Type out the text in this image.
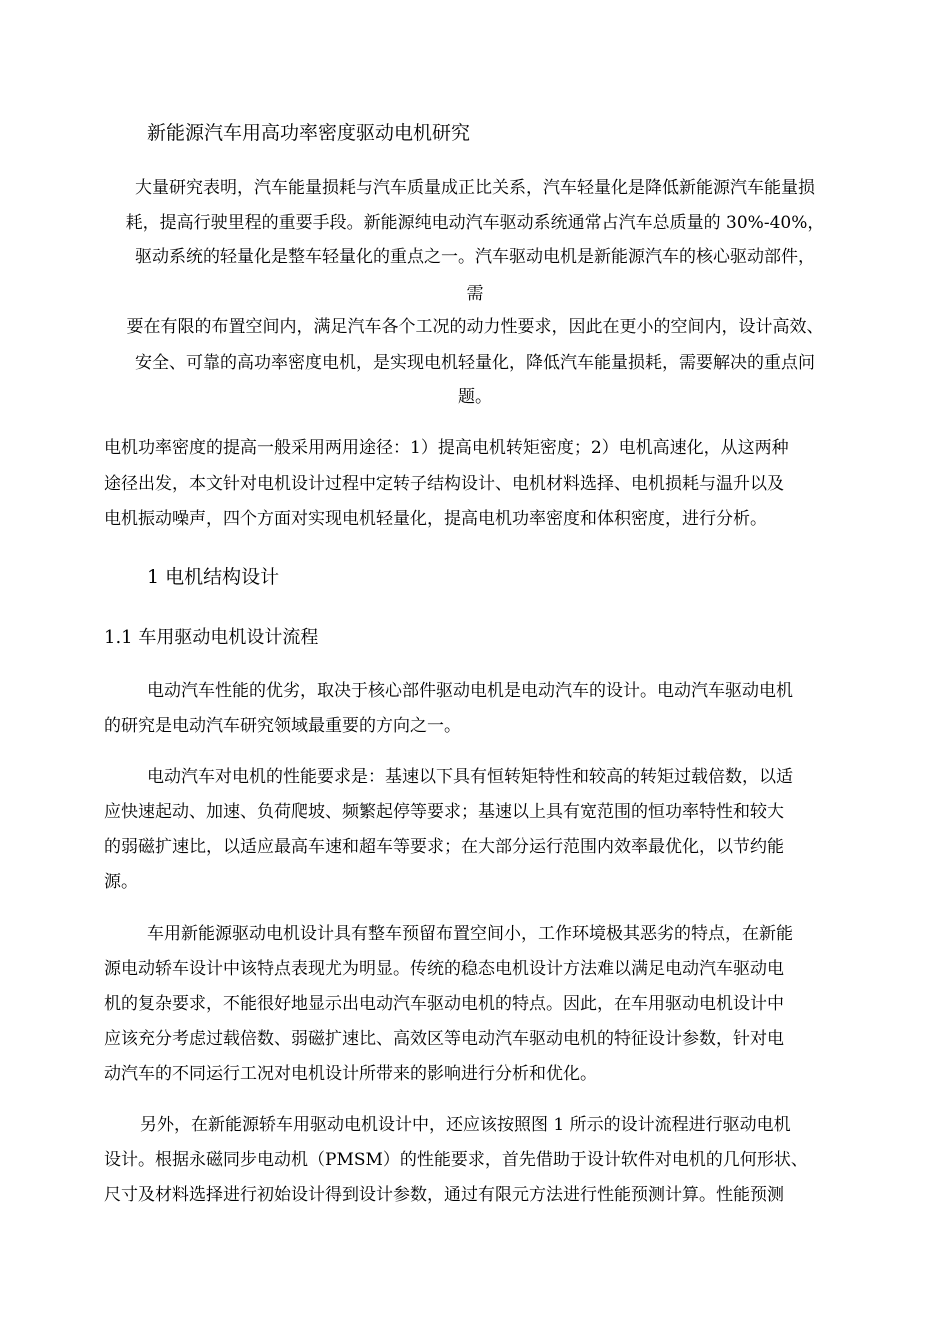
新能源汽车用高功率密度驱动电机研究
大量研究表明，汽车能量损耗与汽车质量成正比关系，汽车轻量化是降低新能源汽车能量损
耗，提高行驶里程的重要手段。新能源纯电动汽车驱动系统通常占汽车总质量的 30%-40%，
驱动系统的轻量化是整车轻量化的重点之一。汽车驱动电机是新能源汽车的核心驱动部件，
需
要在有限的布置空间内，满足汽车各个工况的动力性要求，因此在更小的空间内，设计高效、
安全、可靠的高功率密度电机，是实现电机轻量化，降低汽车能量损耗，需要解决的重点问
题。
电机功率密度的提高一般采用两用途径：1）提高电机转矩密度；2）电机高速化，从这两种
途径出发，本文针对电机设计过程中定转子结构设计、电机材料选择、电机损耗与温升以及
电机振动噪声，四个方面对实现电机轻量化，提高电机功率密度和体积密度，进行分析。
1 电机结构设计
1.1 车用驱动电机设计流程
电动汽车性能的优劣，取决于核心部件驱动电机是电动汽车的设计。电动汽车驱动电机
的研究是电动汽车研究领域最重要的方向之一。
电动汽车对电机的性能要求是：基速以下具有恒转矩特性和较高的转矩过载倍数，以适
应快速起动、加速、负荷爬坡、频繁起停等要求；基速以上具有宽范围的恒功率特性和较大
的弱磁扩速比，以适应最高车速和超车等要求；在大部分运行范围内效率最优化，以节约能
源。
车用新能源驱动电机设计具有整车预留布置空间小，工作环境极其恶劣的特点，在新能
源电动轿车设计中该特点表现尤为明显。传统的稳态电机设计方法难以满足电动汽车驱动电
机的复杂要求，不能很好地显示出电动汽车驱动电机的特点。因此，在车用驱动电机设计中
应该充分考虑过载倍数、弱磁扩速比、高效区等电动汽车驱动电机的特征设计参数，针对电
动汽车的不同运行工况对电机设计所带来的影响进行分析和优化。
另外，在新能源轿车用驱动电机设计中，还应该按照图 1 所示的设计流程进行驱动电机
设计。根据永磁同步电动机（PMSM）的性能要求，首先借助于设计软件对电机的几何形状、
尺寸及材料选择进行初始设计得到设计参数，通过有限元方法进行性能预测计算。性能预测
